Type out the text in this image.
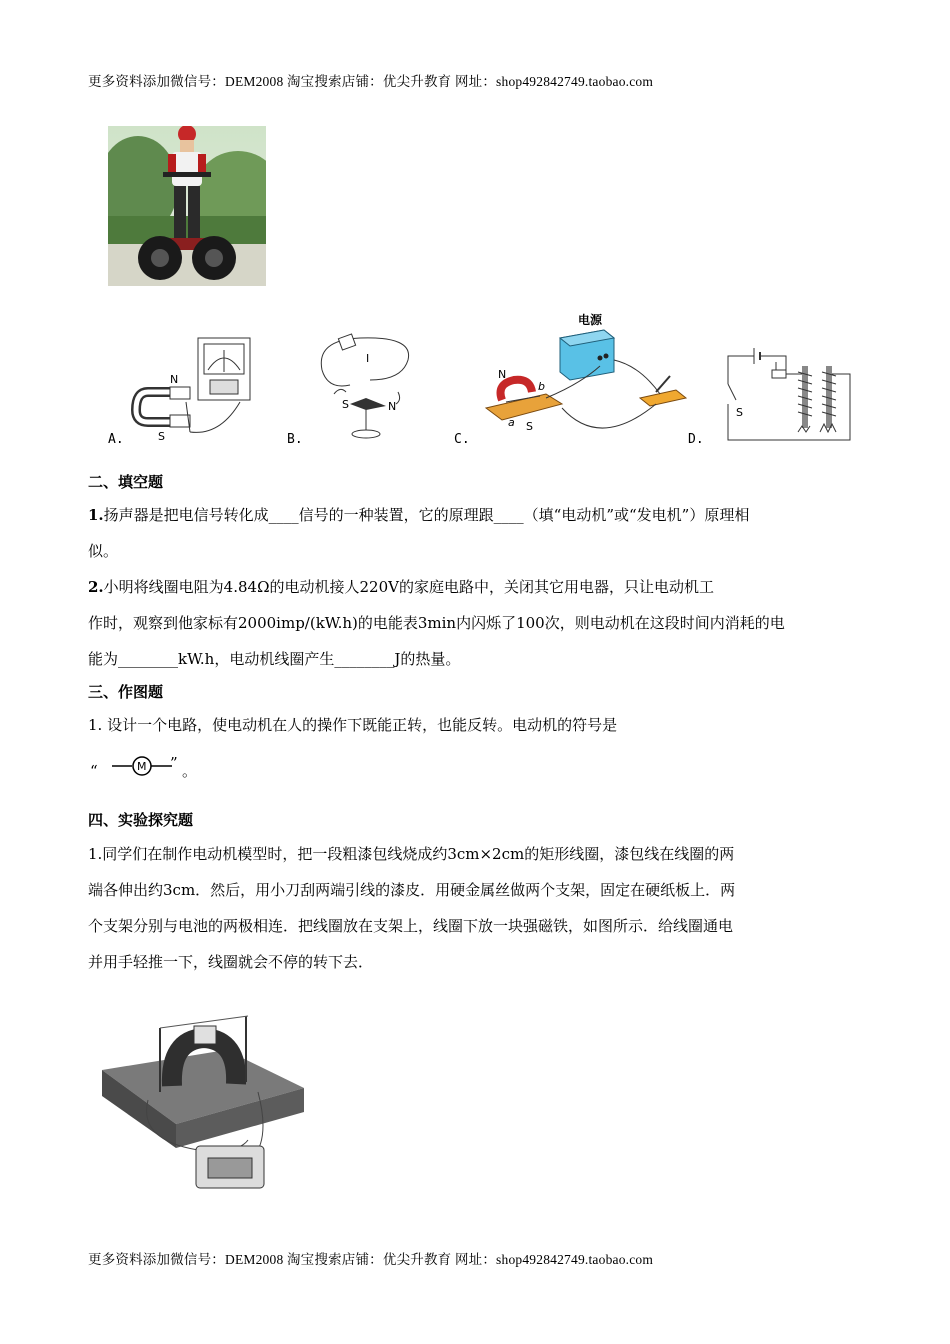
更多资料添加微信号：DEM2008 淘宝搜索店铺：优尖升教育 网址：shop492842749.taobao.com
N
S
A.
I
S	N
B.
电源
N
S
a
b
C.
S
D.
二、填空题

1.扬声器是把电信号转化成____信号的一种装置，它的原理跟____（填“电动机”或“发电机”）原理相

似。

2.小明将线圈电阻为4.84Ω的电动机接人220V的家庭电路中，关闭其它用电器，只让电动机工

作时，观察到他家标有2000imp/(kW.h)的电能表3min内闪烁了100次，则电动机在这段时间内消耗的电

能为________kW.h，电动机线圈产生________J的热量。

三、作图题

1. 设计一个电路，使电动机在人的操作下既能正转，也能反转。电动机的符号是

“	M ” 。
四、实验探究题

1.同学们在制作电动机模型时，把一段粗漆包线烧成约3cm×2cm的矩形线圈，漆包线在线圈的两

端各伸出约3cm．然后，用小刀刮两端引线的漆皮．用硬金属丝做两个支架，固定在硬纸板上．两

个支架分别与电池的两极相连．把线圈放在支架上，线圈下放一块强磁铁，如图所示．给线圈通电

并用手轻推一下，线圈就会不停的转下去．

更多资料添加微信号：DEM2008 淘宝搜索店铺：优尖升教育 网址：shop492842749.taobao.com
